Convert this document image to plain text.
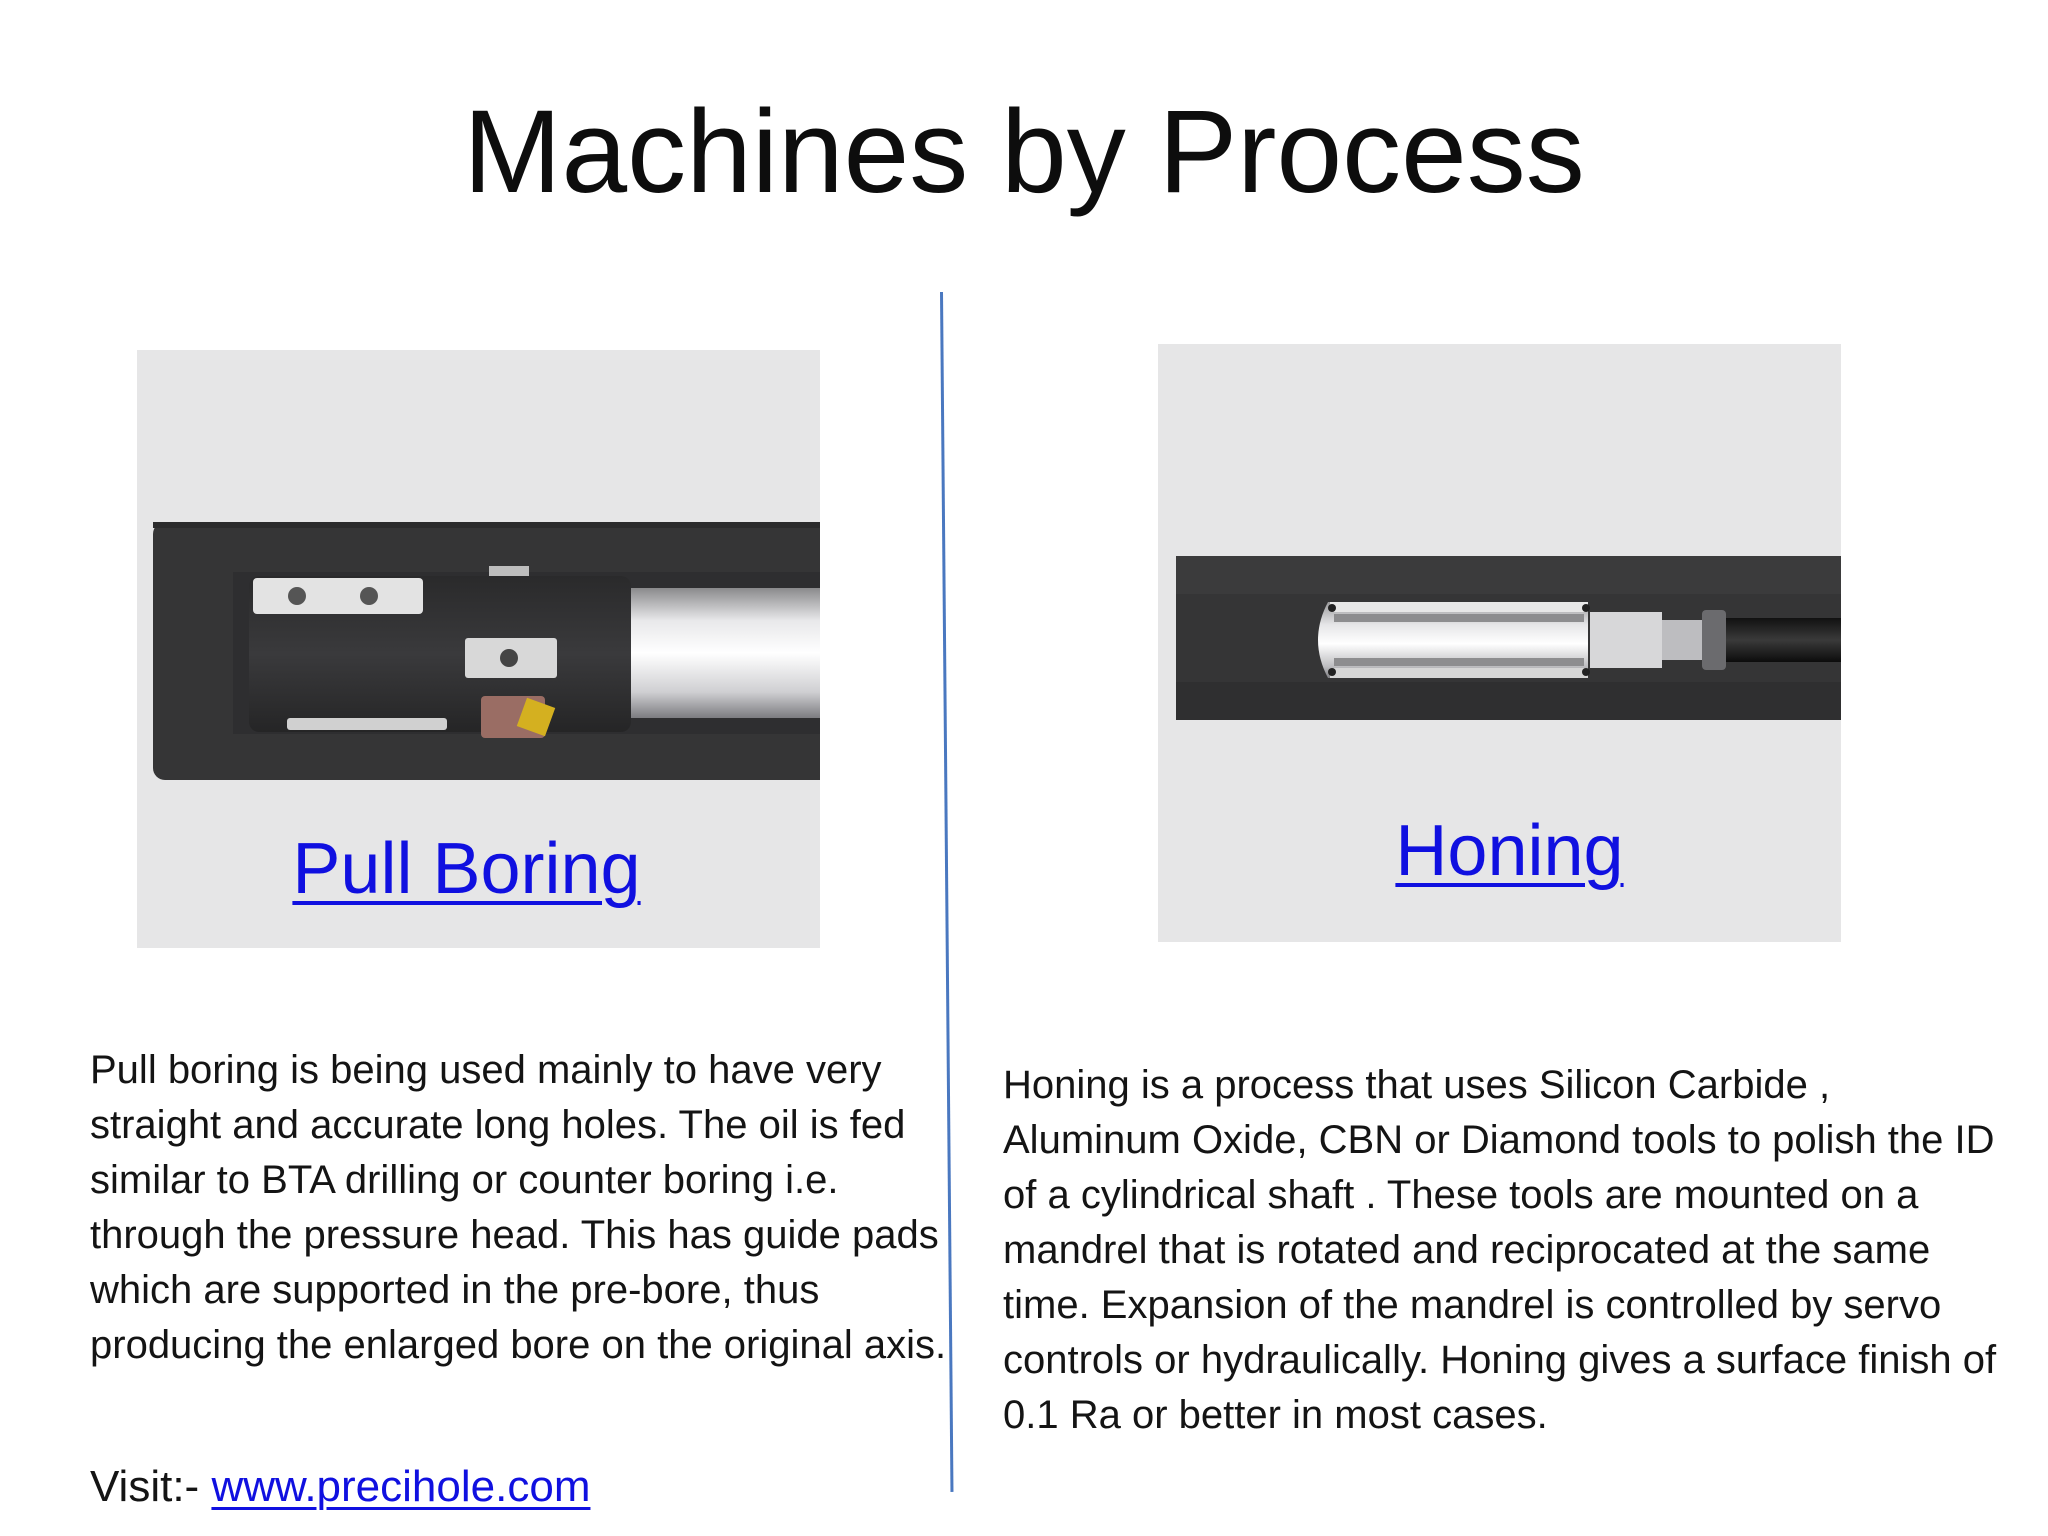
Machines by Process
Pull Boring	Honing

Pull boring is being used mainly to have very straight and accurate long holes. The oil is fed similar to BTA drilling or counter boring i.e. through the pressure head. This has guide pads which are supported in the pre-bore, thus producing the enlarged bore on the original axis.

Honing is a process that uses Silicon Carbide , Aluminum Oxide, CBN or Diamond tools to polish the ID of a cylindrical shaft . These tools are mounted on a mandrel that is rotated and reciprocated at the same time. Expansion of the mandrel is controlled by servo controls or hydraulically. Honing gives a surface finish of 0.1 Ra or better in most cases.

Visit:- www.precihole.com
